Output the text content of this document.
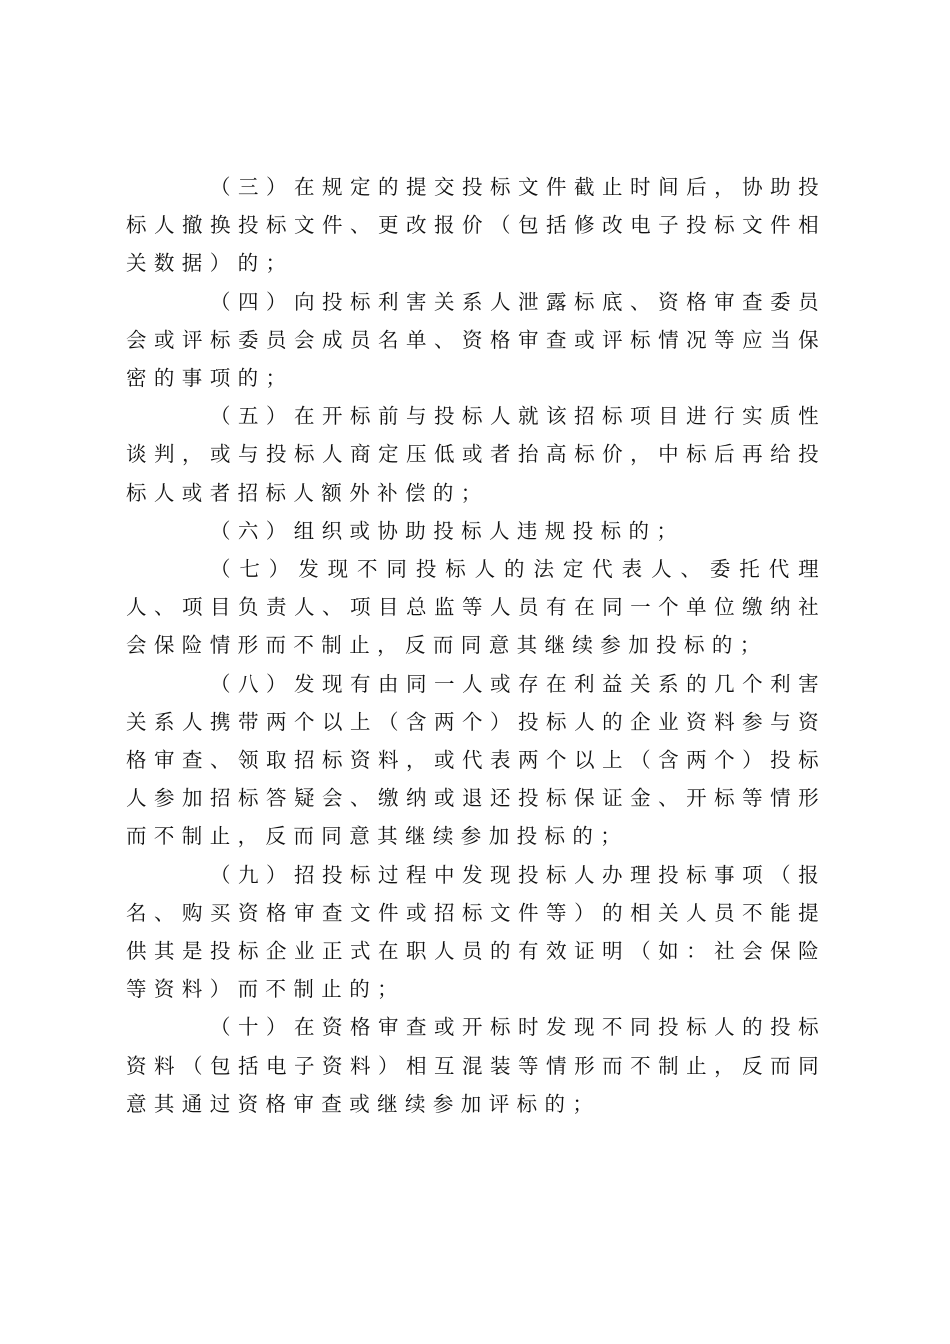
（三）在规定的提交投标文件截止时间后，协助投标人撤换投标文件、更改报价（包括修改电子投标文件相关数据）的；

（四）向投标利害关系人泄露标底、资格审查委员会或评标委员会成员名单、资格审查或评标情况等应当保密的事项的；

（五）在开标前与投标人就该招标项目进行实质性谈判，或与投标人商定压低或者抬高标价，中标后再给投标人或者招标人额外补偿的；

（六）组织或协助投标人违规投标的；

（七）发现不同投标人的法定代表人、委托代理人、项目负责人、项目总监等人员有在同一个单位缴纳社会保险情形而不制止，反而同意其继续参加投标的；

（八）发现有由同一人或存在利益关系的几个利害关系人携带两个以上（含两个）投标人的企业资料参与资格审查、领取招标资料，或代表两个以上（含两个）投标人参加招标答疑会、缴纳或退还投标保证金、开标等情形而不制止，反而同意其继续参加投标的；

（九）招投标过程中发现投标人办理投标事项（报名、购买资格审查文件或招标文件等）的相关人员不能提供其是投标企业正式在职人员的有效证明（如：社会保险等资料）而不制止的；

（十）在资格审查或开标时发现不同投标人的投标资料（包括电子资料）相互混装等情形而不制止，反而同意其通过资格审查或继续参加评标的；
